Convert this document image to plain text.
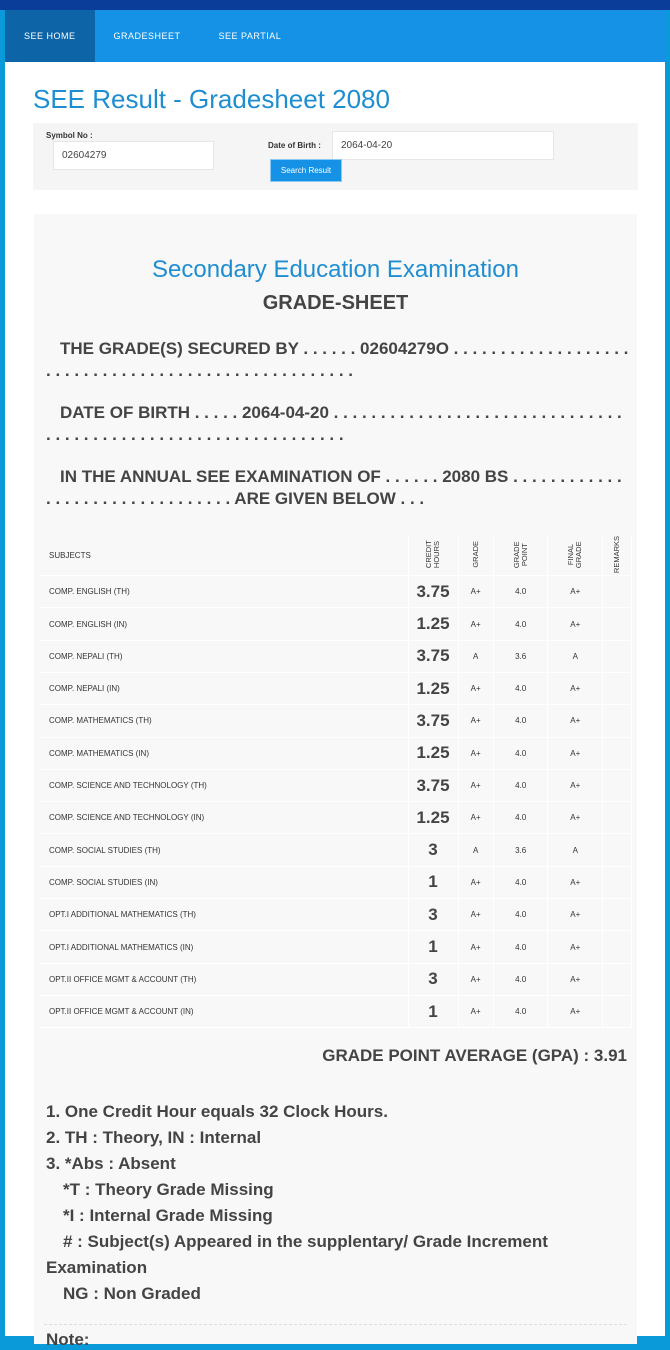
SEE HOME	GRADESHEET	SEE PARTIAL
SEE Result - Gradesheet 2080
Symbol No :
02604279
Date of Birth :	2064-04-20
Search Result
Secondary Education Examination
GRADE-SHEET
THE GRADE(S) SECURED BY . . . . . . 02604279O . . . . . . . . . . . . . . . . . . . . . . . . . . . . . . . . . . . . . . . . . . . . . . . . . . . .
DATE OF BIRTH . . . . . 2064-04-20 . . . . . . . . . . . . . . . . . . . . . . . . . . . . . . . . . . . . . . . . . . . . . . . . . . . . . . . . . . . . . . .
IN THE ANNUAL SEE EXAMINATION OF . . . . . . 2080 BS . . . . . . . . . . . . . . . . . . . . . . . . . . . . . . . . ARE GIVEN BELOW . . .
SUBJECTS	CREDIT HOURS	GRADE	GRADE POINT	FINAL GRADE	REMARKS
COMP. ENGLISH (TH)	3.75	A+	4.0	A+	
COMP. ENGLISH (IN)	1.25	A+	4.0	A+	
COMP. NEPALI (TH)	3.75	A	3.6	A	
COMP. NEPALI (IN)	1.25	A+	4.0	A+	
COMP. MATHEMATICS (TH)	3.75	A+	4.0	A+	
COMP. MATHEMATICS (IN)	1.25	A+	4.0	A+	
COMP. SCIENCE AND TECHNOLOGY (TH)	3.75	A+	4.0	A+	
COMP. SCIENCE AND TECHNOLOGY (IN)	1.25	A+	4.0	A+	
COMP. SOCIAL STUDIES (TH)	3	A	3.6	A	
COMP. SOCIAL STUDIES (IN)	1	A+	4.0	A+	
OPT.I ADDITIONAL MATHEMATICS (TH)	3	A+	4.0	A+	
OPT.I ADDITIONAL MATHEMATICS (IN)	1	A+	4.0	A+	
OPT.II OFFICE MGMT & ACCOUNT (TH)	3	A+	4.0	A+	
OPT.II OFFICE MGMT & ACCOUNT (IN)	1	A+	4.0	A+	
GRADE POINT AVERAGE (GPA) : 3.91
1. One Credit Hour equals 32 Clock Hours.
2. TH : Theory, IN : Internal
3. *Abs : Absent
*T : Theory Grade Missing
*I : Internal Grade Missing
# : Subject(s) Appeared in the supplentary/ Grade Increment
Examination
NG : Non Graded
Note:
